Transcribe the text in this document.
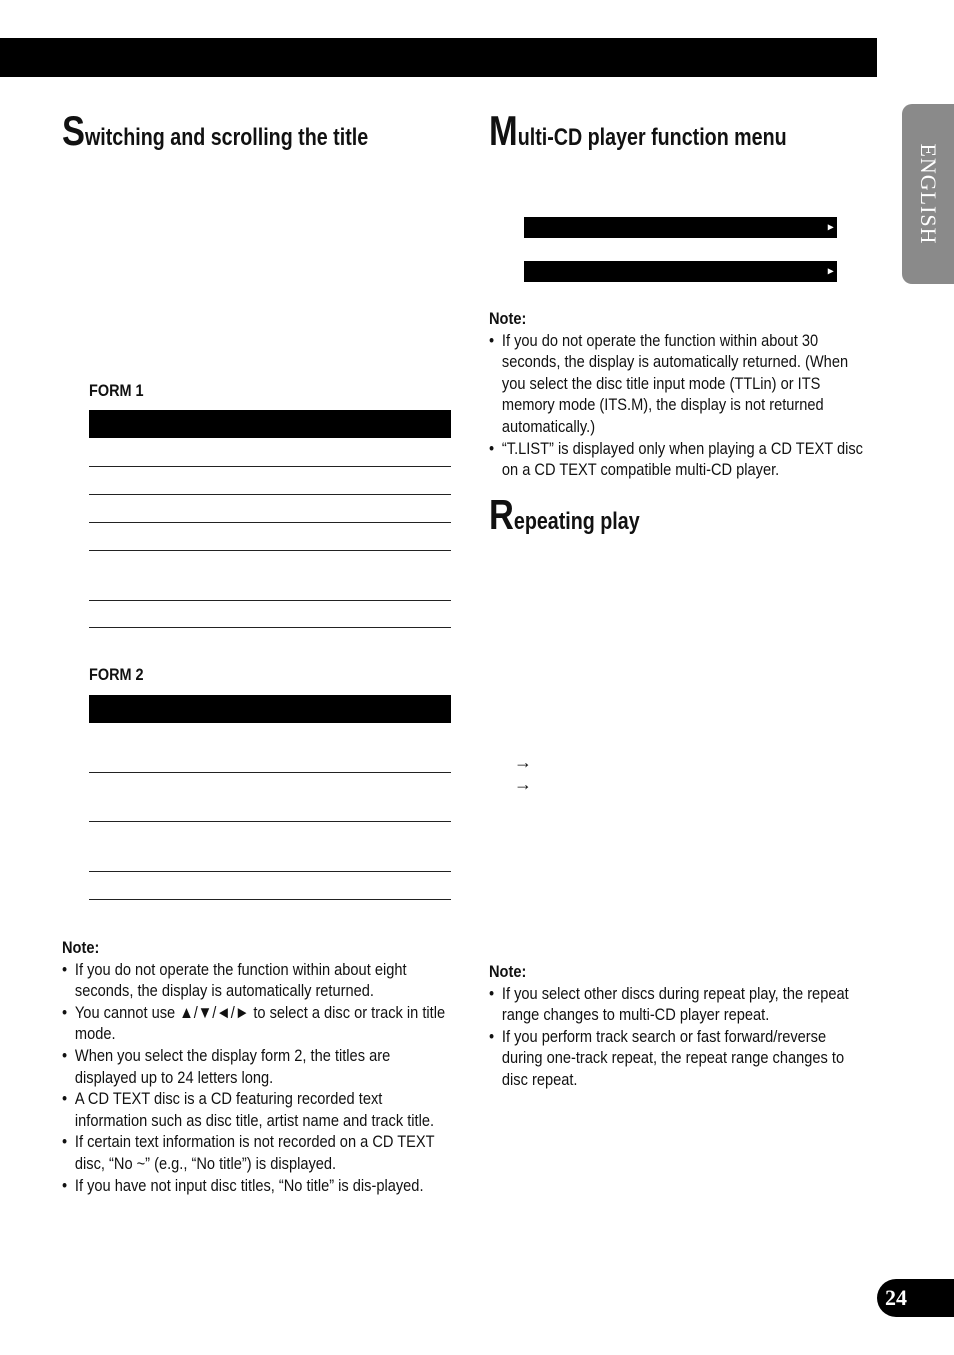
ENGLISH
Switching and scrolling the title
FORM 1
FORM 2

Note:

• If you do not operate the function within about eight seconds, the display is automatically returned.
• You cannot use ▲/▼/◄/► to select a disc or track in title mode.
• When you select the display form 2, the titles are displayed up to 24 letters long.
• A CD TEXT disc is a CD featuring recorded text information such as disc title, artist name and track title.
• If certain text information is not recorded on a CD TEXT disc, “No ~” (e.g., “No title”) is displayed.
• If you have not input disc titles, “No title” is dis-played.
Multi-CD player function menu

RPT  RDM  SCAN T.LIST D.LIST PAUSE

▶

TTLin COMP ITS.P ITS.M

▶

Note:

• If you do not operate the function within about 30 seconds, the display is automatically returned. (When you select the disc title input mode (TTLin) or ITS memory mode (ITS.M), the display is not returned automatically.)
• “T.LIST” is displayed only when playing a CD TEXT disc on a CD TEXT compatible multi-CD player.
Repeating play
→
→

Note:

• If you select other discs during repeat play, the repeat range changes to multi-CD player repeat.
• If you perform track search or fast forward/reverse during one-track repeat, the repeat range changes to disc repeat.
24
